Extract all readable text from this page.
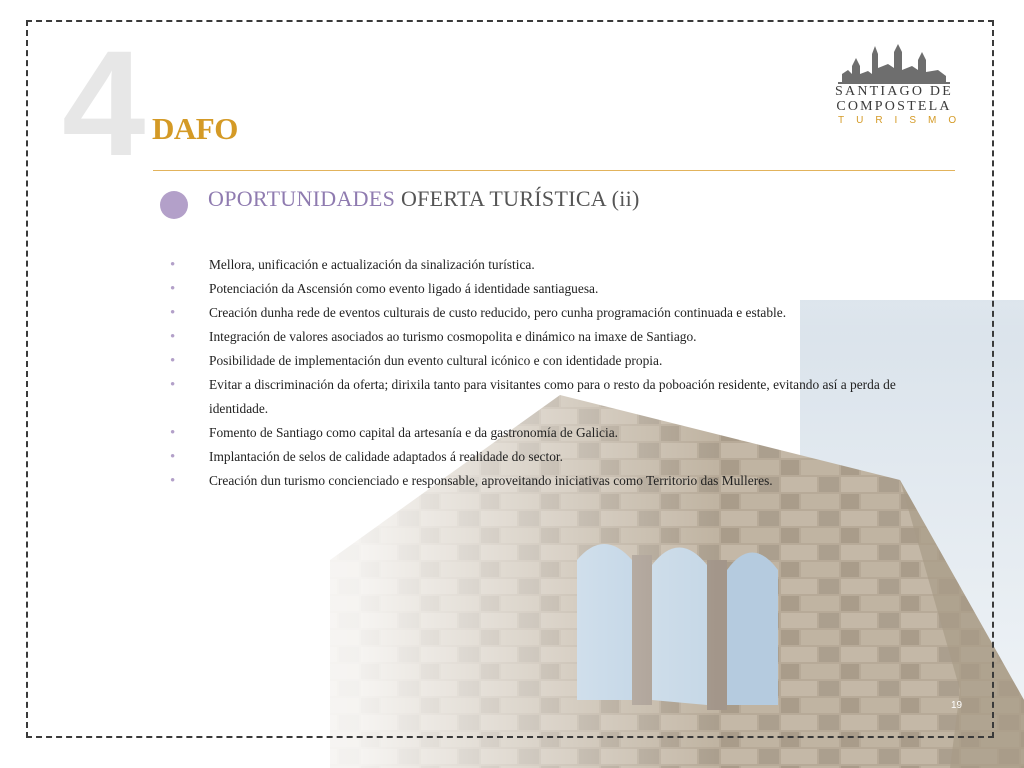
4 DAFO
SANTIAGO DE
COMPOSTELA
TURISMO
OPORTUNIDADES OFERTA TURÍSTICA (ii)
• Mellora, unificación e actualización da sinalización turística.
• Potenciación da Ascensión como evento ligado á identidade santiaguesa.
• Creación dunha rede de eventos culturais de custo reducido, pero cunha programación continuada e estable.
• Integración de valores asociados ao turismo cosmopolita e dinámico na imaxe de Santiago.
• Posibilidade de implementación dun evento cultural icónico e con identidade propia.
• Evitar a discriminación da oferta; dirixila tanto para visitantes como para o resto da poboación residente, evitando así a perda de identidade.
• Fomento de Santiago como capital da artesanía e da gastronomía de Galicia.
• Implantación de selos de calidade adaptados á realidade do sector.
• Creación dun turismo concienciado e responsable, aproveitando iniciativas como Territorio das Mulleres.
19
